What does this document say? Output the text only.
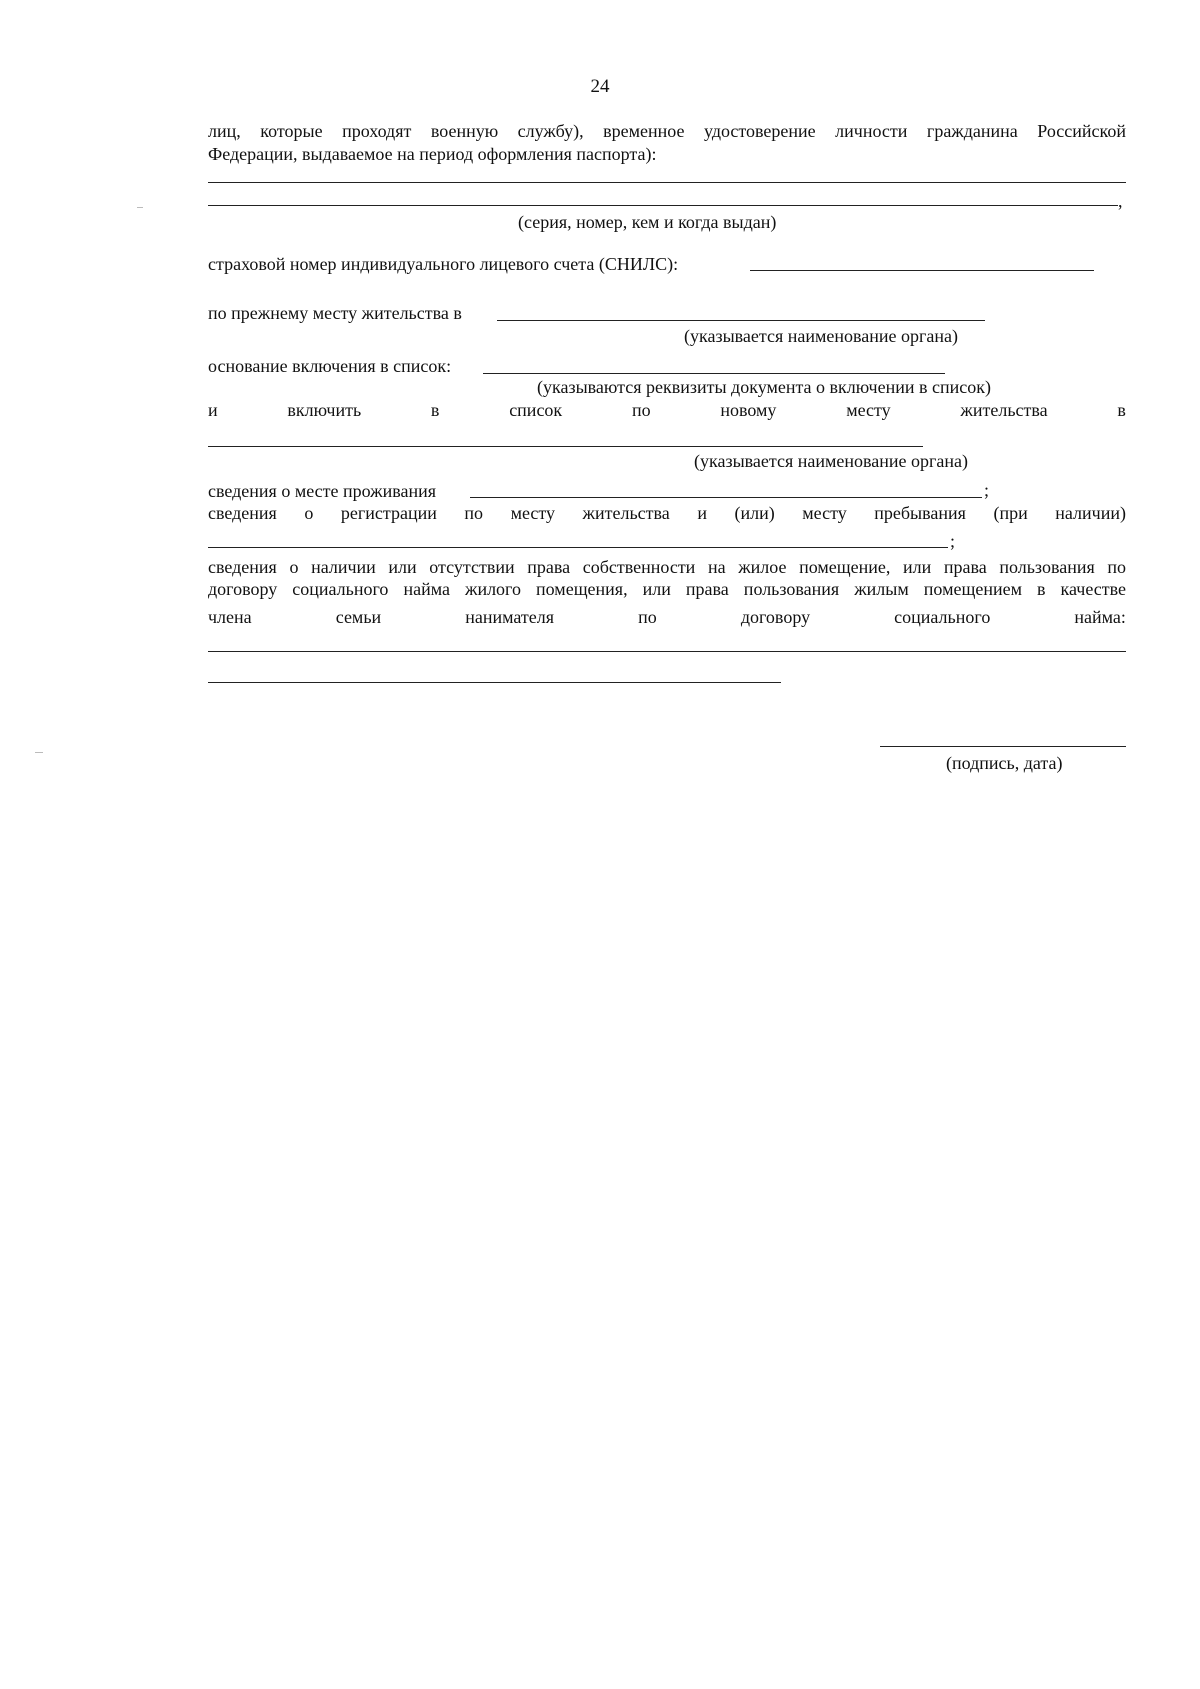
24
лиц, которые проходят военную службу), временное удостоверение личности гражданина Российской
Федерации, выдаваемое на период оформления паспорта):
,
(серия, номер, кем и когда выдан)
страховой номер индивидуального лицевого счета (СНИЛС):
по прежнему месту жительства в
(указывается наименование органа)
основание включения в список:
(указываются реквизиты документа о включении в список)
и	включить	в	список	по	новому	месту	жительства	в
(указывается наименование органа)
сведения о месте проживания	;
сведения о регистрации по месту жительства и (или) месту пребывания (при наличии)
;
сведения о наличии или отсутствии права собственности на жилое помещение, или права пользования по
договору социального найма жилого помещения, или права пользования жилым помещением в качестве
члена	семьи	нанимателя	по	договору	социального	найма:
(подпись, дата)
